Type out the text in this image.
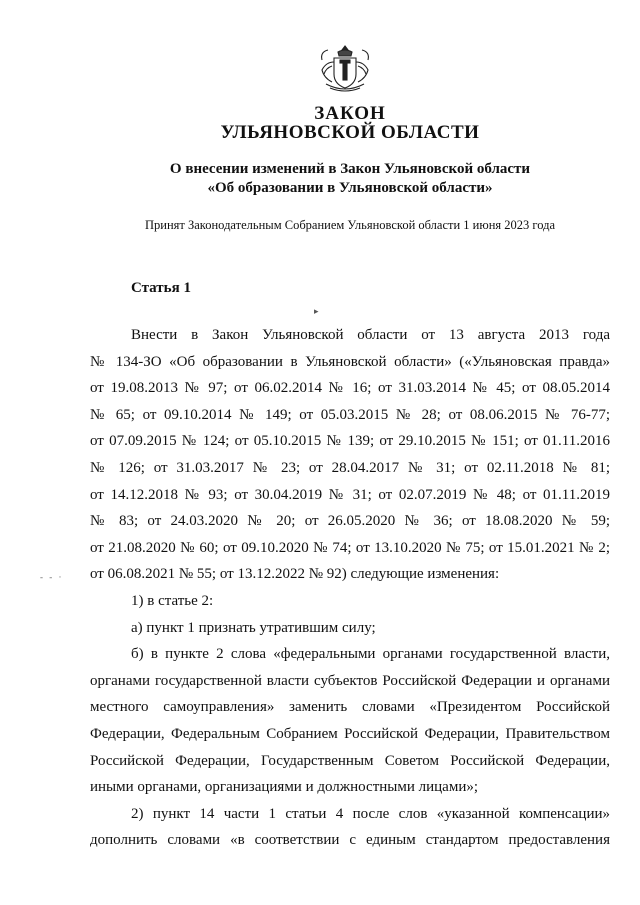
ЗАКОН
УЛЬЯНОВСКОЙ ОБЛАСТИ
О внесении изменений в Закон Ульяновской области
«Об образовании в Ульяновской области»
Принят Законодательным Собранием Ульяновской области 1 июня 2023 года
Статья 1
▸
- - ·
Внести в Закон Ульяновской области от 13 августа 2013 года
№ 134-ЗО «Об образовании в Ульяновской области» («Ульяновская правда»
от 19.08.2013 № 97; от 06.02.2014 № 16; от 31.03.2014 № 45; от 08.05.2014
№ 65; от 09.10.2014 № 149; от 05.03.2015 № 28; от 08.06.2015 № 76-77;
от 07.09.2015 № 124; от 05.10.2015 № 139; от 29.10.2015 № 151; от 01.11.2016
№ 126; от 31.03.2017 № 23; от 28.04.2017 № 31; от 02.11.2018 № 81;
от 14.12.2018 № 93; от 30.04.2019 № 31; от 02.07.2019 № 48; от 01.11.2019
№ 83; от 24.03.2020 № 20; от 26.05.2020 № 36; от 18.08.2020 № 59;
от 21.08.2020 № 60; от 09.10.2020 № 74; от 13.10.2020 № 75; от 15.01.2021 № 2;
от 06.08.2021 № 55; от 13.12.2022 № 92) следующие изменения:
1) в статье 2:
а) пункт 1 признать утратившим силу;
б) в пункте 2 слова «федеральными органами государственной власти,
органами государственной власти субъектов Российской Федерации и органами
местного самоуправления» заменить словами «Президентом Российской
Федерации, Федеральным Собранием Российской Федерации, Правительством
Российской Федерации, Государственным Советом Российской Федерации,
иными органами, организациями и должностными лицами»;
2) пункт 14 части 1 статьи 4 после слов «указанной компенсации»
дополнить словами «в соответствии с единым стандартом предоставления
